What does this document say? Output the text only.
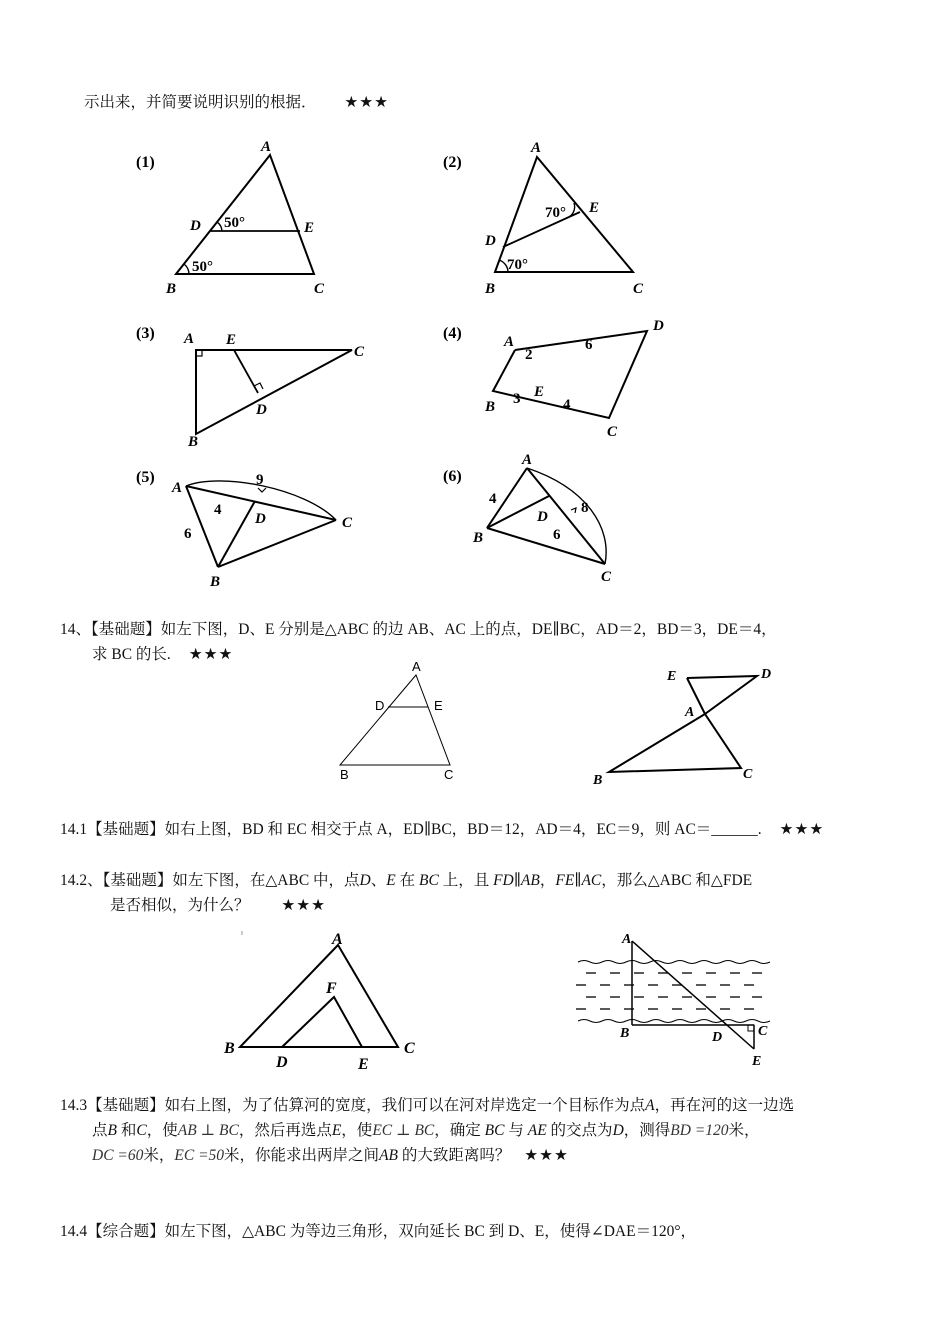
示出来，并简要说明识别的根据． ★★★
(1)
A
B	C
D	E
50°
50°
(2)
A
B	C
D
E
70°
70°
(3) A E
C
D
B
(4)	A
B
C
D
E
2
6
3	4
(5)
A
B
C
D
9
4
6
(6)
A
B
C
D
4
8
6
14、【基础题】如左下图，D、E 分别是△ABC 的边 AB、AC 上的点，DE∥BC，AD＝2，BD＝3，DE＝4，
求 BC 的长. ★★★
A
D	E
B	C
E	D
A
B	C
14.1【基础题】如右上图，BD 和 EC 相交于点 A，ED∥BC，BD＝12，AD＝4，EC＝9，则 AC＝______. ★★★
14.2、【基础题】如左下图，在△ABC 中，点D、E 在 BC 上，且 FD∥AB，FE∥AC，那么△ABC 和△FDE
是否相似，为什么？ ★★★
A
B	C
D	E
F
A
B	C
D
E
14.3【基础题】如右上图，为了估算河的宽度，我们可以在河对岸选定一个目标作为点A，再在河的这一边选
点B 和C，使AB ⊥ BC，然后再选点E，使EC ⊥ BC，确定 BC 与 AE 的交点为D，测得BD =120米，
DC =60米，EC =50米，你能求出两岸之间AB 的大致距离吗？ ★★★
14.4【综合题】如左下图，△ABC 为等边三角形，双向延长 BC 到 D、E，使得∠DAE＝120°，
